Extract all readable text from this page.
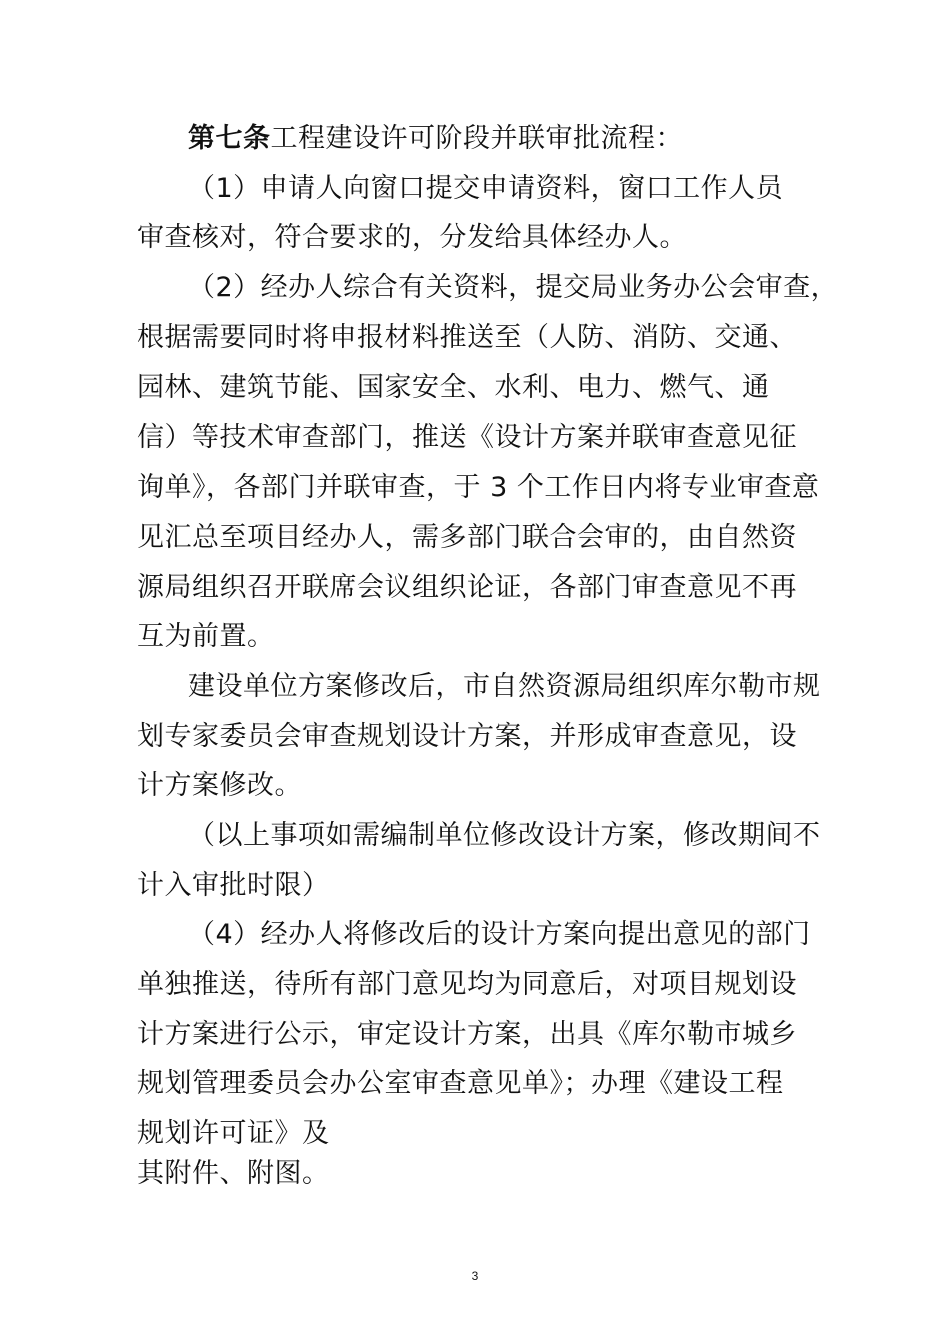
第七条工程建设许可阶段并联审批流程：
（1）申请人向窗口提交申请资料，窗口工作人员
审查核对，符合要求的，分发给具体经办人。
（2）经办人综合有关资料，提交局业务办公会审查，
根据需要同时将申报材料推送至（人防、消防、交通、
园林、建筑节能、国家安全、水利、电力、燃气、通
信）等技术审查部门，推送《设计方案并联审查意见征
询单》，各部门并联审查，于 3 个工作日内将专业审查意
见汇总至项目经办人，需多部门联合会审的，由自然资
源局组织召开联席会议组织论证，各部门审查意见不再
互为前置。
建设单位方案修改后，市自然资源局组织库尔勒市规
划专家委员会审查规划设计方案，并形成审查意见，设
计方案修改。
（以上事项如需编制单位修改设计方案，修改期间不
计入审批时限）
（4）经办人将修改后的设计方案向提出意见的部门
单独推送，待所有部门意见均为同意后，对项目规划设
计方案进行公示，审定设计方案，出具《库尔勒市城乡
规划管理委员会办公室审查意见单》；办理《建设工程
规划许可证》及
其附件、附图。
3
